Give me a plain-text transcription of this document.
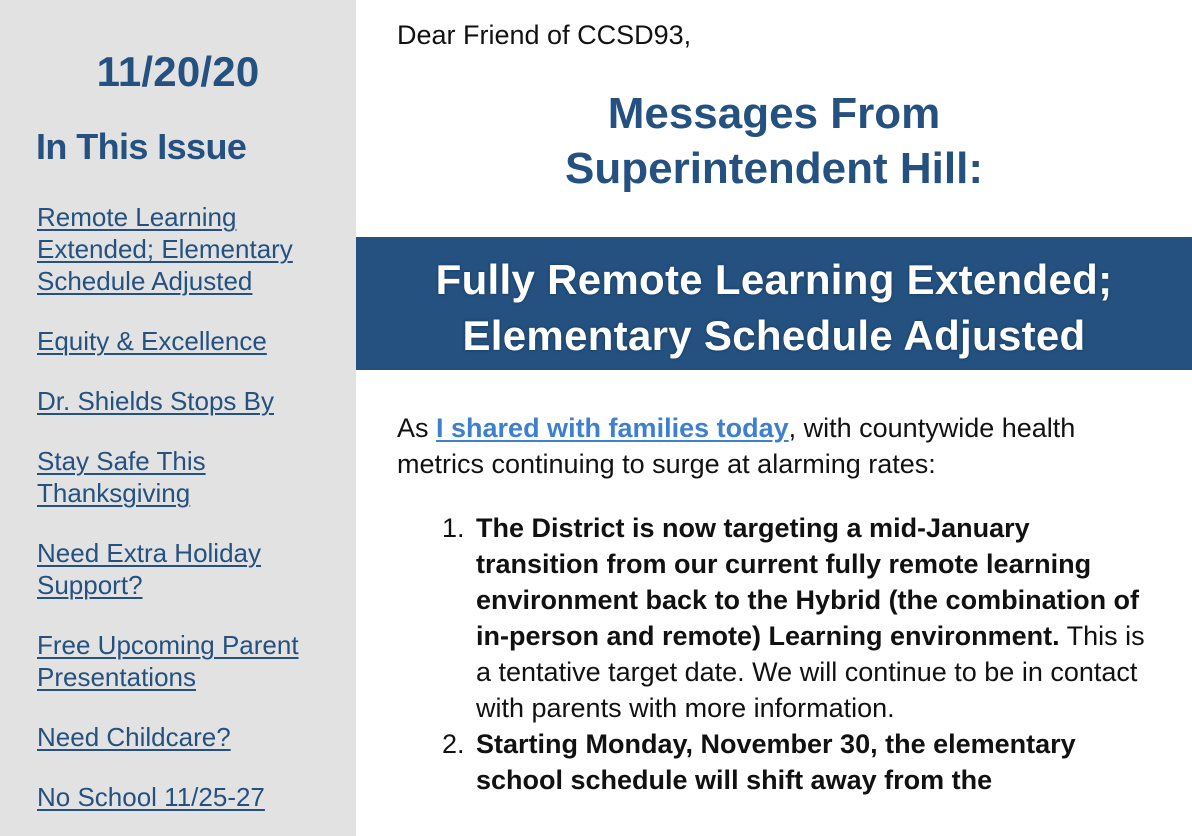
11/20/20
In This Issue
Remote Learning Extended; Elementary Schedule Adjusted
Equity & Excellence
Dr. Shields Stops By
Stay Safe This Thanksgiving
Need Extra Holiday Support?
Free Upcoming Parent Presentations
Need Childcare?
No School 11/25-27
Dear Friend of CCSD93,
Messages From
Superintendent Hill:
Fully Remote Learning Extended;
Elementary Schedule Adjusted

As I shared with families today, with countywide health metrics continuing to surge at alarming rates:

1. The District is now targeting a mid-January transition from our current fully remote learning environment back to the Hybrid (the combination of in-person and remote) Learning environment. This is a tentative target date. We will continue to be in contact with parents with more information.
2. Starting Monday, November 30, the elementary school schedule will shift away from the
